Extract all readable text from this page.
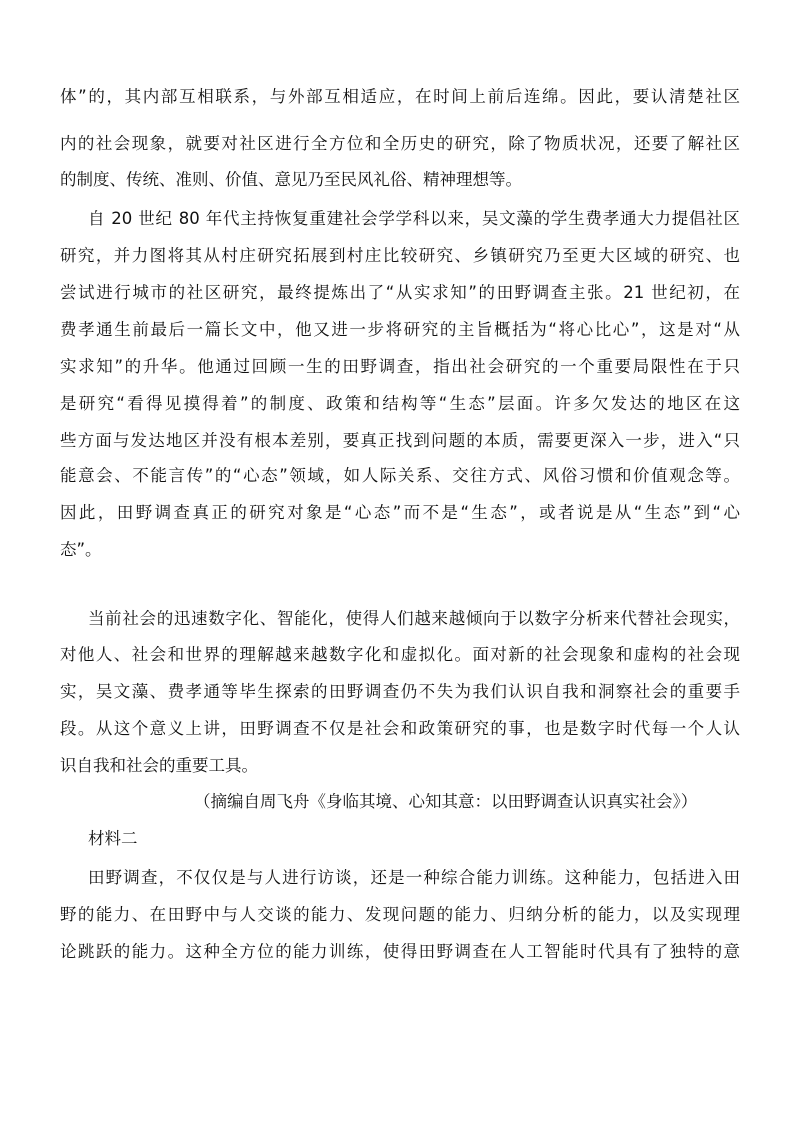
体”的，其内部互相联系，与外部互相适应，在时间上前后连绵。因此，要认清楚社区
内的社会现象，就要对社区进行全方位和全历史的研究，除了物质状况，还要了解社区
的制度、传统、准则、价值、意见乃至民风礼俗、精神理想等。
自 20 世纪 80 年代主持恢复重建社会学学科以来，吴文藻的学生费孝通大力提倡社区
研究，并力图将其从村庄研究拓展到村庄比较研究、乡镇研究乃至更大区域的研究、也
尝试进行城市的社区研究，最终提炼出了“从实求知”的田野调查主张。21 世纪初，在
费孝通生前最后一篇长文中，他又进一步将研究的主旨概括为“将心比心”，这是对“从
实求知”的升华。他通过回顾一生的田野调查，指出社会研究的一个重要局限性在于只
是研究“看得见摸得着”的制度、政策和结构等“生态”层面。许多欠发达的地区在这
些方面与发达地区并没有根本差别，要真正找到问题的本质，需要更深入一步，进入“只
能意会、不能言传”的“心态”领域，如人际关系、交往方式、风俗习惯和价值观念等。
因此，田野调查真正的研究对象是“心态”而不是“生态”，或者说是从“生态”到“心
态”。
当前社会的迅速数字化、智能化，使得人们越来越倾向于以数字分析来代替社会现实，
对他人、社会和世界的理解越来越数字化和虚拟化。面对新的社会现象和虚构的社会现
实，吴文藻、费孝通等毕生探索的田野调查仍不失为我们认识自我和洞察社会的重要手
段。从这个意义上讲，田野调查不仅是社会和政策研究的事，也是数字时代每一个人认
识自我和社会的重要工具。
（摘编自周飞舟《身临其境、心知其意：以田野调查认识真实社会》）
材料二
田野调查，不仅仅是与人进行访谈，还是一种综合能力训练。这种能力，包括进入田
野的能力、在田野中与人交谈的能力、发现问题的能力、归纳分析的能力，以及实现理
论跳跃的能力。这种全方位的能力训练，使得田野调查在人工智能时代具有了独特的意
